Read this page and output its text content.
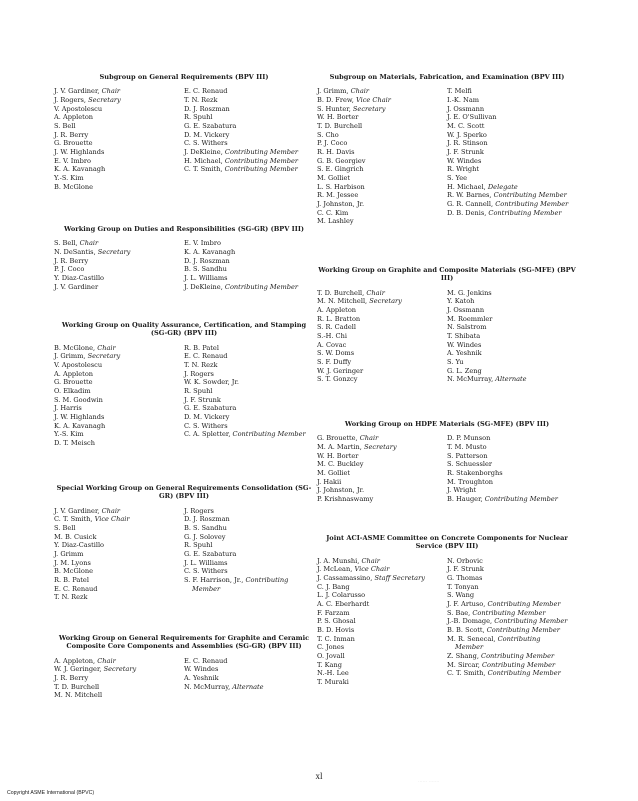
Subgroup on General Requirements (BPV III)
J. V. Gardiner, Chair
J. Rogers, Secretary
V. Apostolescu
A. Appleton
S. Bell
J. R. Berry
G. Brouette
J. W. Highlands
E. V. Imbro
K. A. Kavanagh
Y.-S. Kim
B. McGlone
E. C. Renaud
T. N. Rezk
D. J. Roszman
R. Spuhl
G. E. Szabatura
D. M. Vickery
C. S. Withers
J. DeKleine, Contributing Member
H. Michael, Contributing Member
C. T. Smith, Contributing Member
Working Group on Duties and Responsibilities (SG-GR) (BPV III)
S. Bell, Chair
N. DeSantis, Secretary
J. R. Berry
P. J. Coco
Y. Diaz-Castillo
J. V. Gardiner
E. V. Imbro
K. A. Kavanagh
D. J. Roszman
B. S. Sandhu
J. L. Williams
J. DeKleine, Contributing Member
Working Group on Quality Assurance, Certification, and Stamping (SG-GR) (BPV III)
B. McGlone, Chair
J. Grimm, Secretary
V. Apostolescu
A. Appleton
G. Brouette
O. Elkadim
S. M. Goodwin
J. Harris
J. W. Highlands
K. A. Kavanagh
Y.-S. Kim
D. T. Meisch
R. B. Patel
E. C. Renaud
T. N. Rezk
J. Rogers
W. K. Sowder, Jr.
R. Spuhl
J. F. Strunk
G. E. Szabatura
D. M. Vickery
C. S. Withers
C. A. Spletter, Contributing Member
Special Working Group on General Requirements Consolidation (SG-GR) (BPV III)
J. V. Gardiner, Chair
C. T. Smith, Vice Chair
S. Bell
M. B. Cusick
Y. Diaz-Castillo
J. Grimm
J. M. Lyons
B. McGlone
R. B. Patel
E. C. Renaud
T. N. Rezk
J. Rogers
D. J. Roszman
B. S. Sandhu
G. J. Solovey
R. Spuhl
G. E. Szabatura
J. L. Williams
C. S. Withers
S. F. Harrison, Jr., Contributing
Member
Working Group on General Requirements for Graphite and Ceramic Composite Core Components and Assemblies (SG-GR) (BPV III)
A. Appleton, Chair
W. J. Geringer, Secretary
J. R. Berry
T. D. Burchell
M. N. Mitchell
E. C. Renaud
W. Windes
A. Yeshnik
N. McMurray, Alternate
Subgroup on Materials, Fabrication, and Examination (BPV III)
J. Grimm, Chair
B. D. Frew, Vice Chair
S. Hunter, Secretary
W. H. Borter
T. D. Burchell
S. Cho
P. J. Coco
R. H. Davis
G. B. Georgiev
S. E. Gingrich
M. Golliet
L. S. Harbison
R. M. Jessee
J. Johnston, Jr.
C. C. Kim
M. Lashley
T. Melfi
I.-K. Nam
J. Ossmann
J. E. O'Sullivan
M. C. Scott
W. J. Sperko
J. R. Stinson
J. F. Strunk
W. Windes
R. Wright
S. Yee
H. Michael, Delegate
R. W. Barnes, Contributing Member
G. R. Cannell, Contributing Member
D. B. Denis, Contributing Member
Working Group on Graphite and Composite Materials (SG-MFE) (BPV III)
T. D. Burchell, Chair
M. N. Mitchell, Secretary
A. Appleton
R. L. Bratton
S. R. Cadell
S.-H. Chi
A. Covac
S. W. Doms
S. F. Duffy
W. J. Geringer
S. T. Gonzcy
M. G. Jenkins
Y. Katoh
J. Ossmann
M. Roemmler
N. Salstrom
T. Shibata
W. Windes
A. Yeshnik
S. Yu
G. L. Zeng
N. McMurray, Alternate
Working Group on HDPE Materials (SG-MFE) (BPV III)
G. Brouette, Chair
M. A. Martin, Secretary
W. H. Borter
M. C. Buckley
M. Golliet
J. Hakii
J. Johnston, Jr.
P. Krishnaswamy
D. P. Munson
T. M. Musto
S. Patterson
S. Schuessler
R. Stakenborghs
M. Troughton
J. Wright
B. Hauger, Contributing Member
Joint ACI-ASME Committee on Concrete Components for Nuclear Service (BPV III)
J. A. Munshi, Chair
J. McLean, Vice Chair
J. Cassamassino, Staff Secretary
C. J. Bang
L. J. Colarusso
A. C. Eberhardt
F. Farzam
P. S. Ghosal
B. D. Hovis
T. C. Inman
C. Jones
O. Jovall
T. Kang
N.-H. Lee
T. Muraki
N. Orbovic
J. F. Strunk
G. Thomas
T. Tonyan
S. Wang
J. F. Artuso, Contributing Member
S. Bae, Contributing Member
J.-B. Domage, Contributing Member
B. B. Scott, Contributing Member
M. R. Senecal, Contributing
Member
Z. Shang, Contributing Member
M. Sircar, Contributing Member
C. T. Smith, Contributing Member
xl	...... .......
Copyright ASME International (BPVC)
